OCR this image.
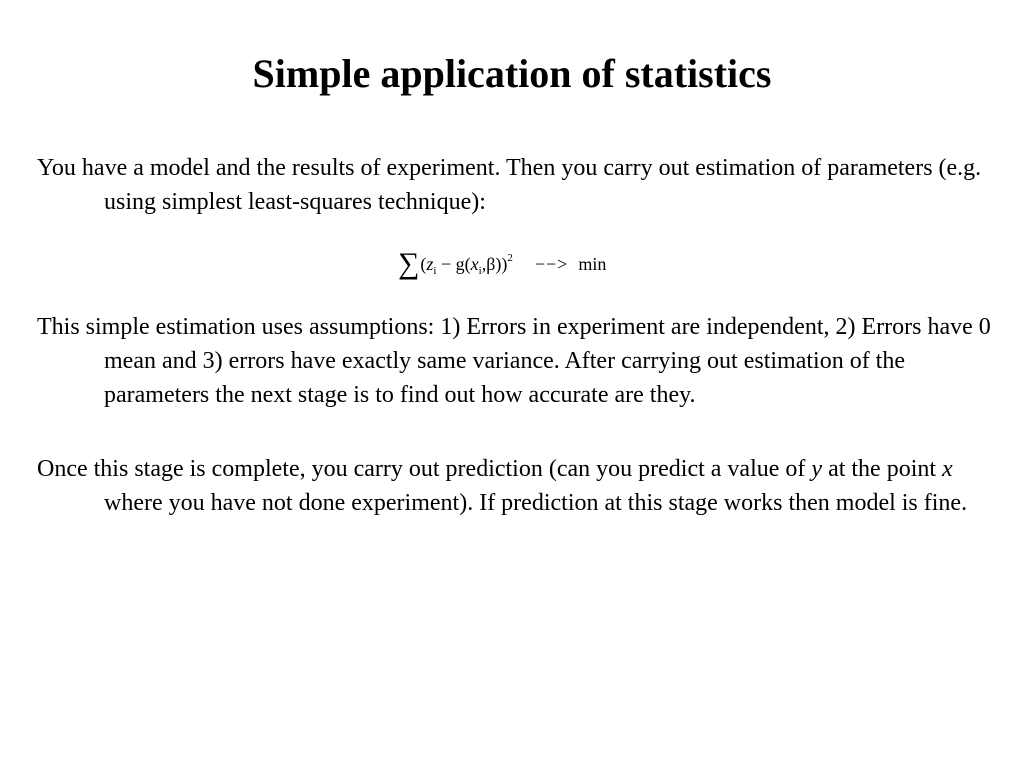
Simple application of statistics

You have a model and the results of experiment. Then you carry out estimation of parameters (e.g. using simplest least-squares technique):

$\sum(z_i - g(x_i,\beta))^2$ −−> min

This simple estimation uses assumptions: 1) Errors in experiment are independent, 2) Errors have 0 mean and 3) errors have exactly same variance. After carrying out estimation of the parameters the next stage is to find out how accurate are they.

Once this stage is complete, you carry out prediction (can you predict a value of y at the point x where you have not done experiment). If prediction at this stage works then model is fine.
